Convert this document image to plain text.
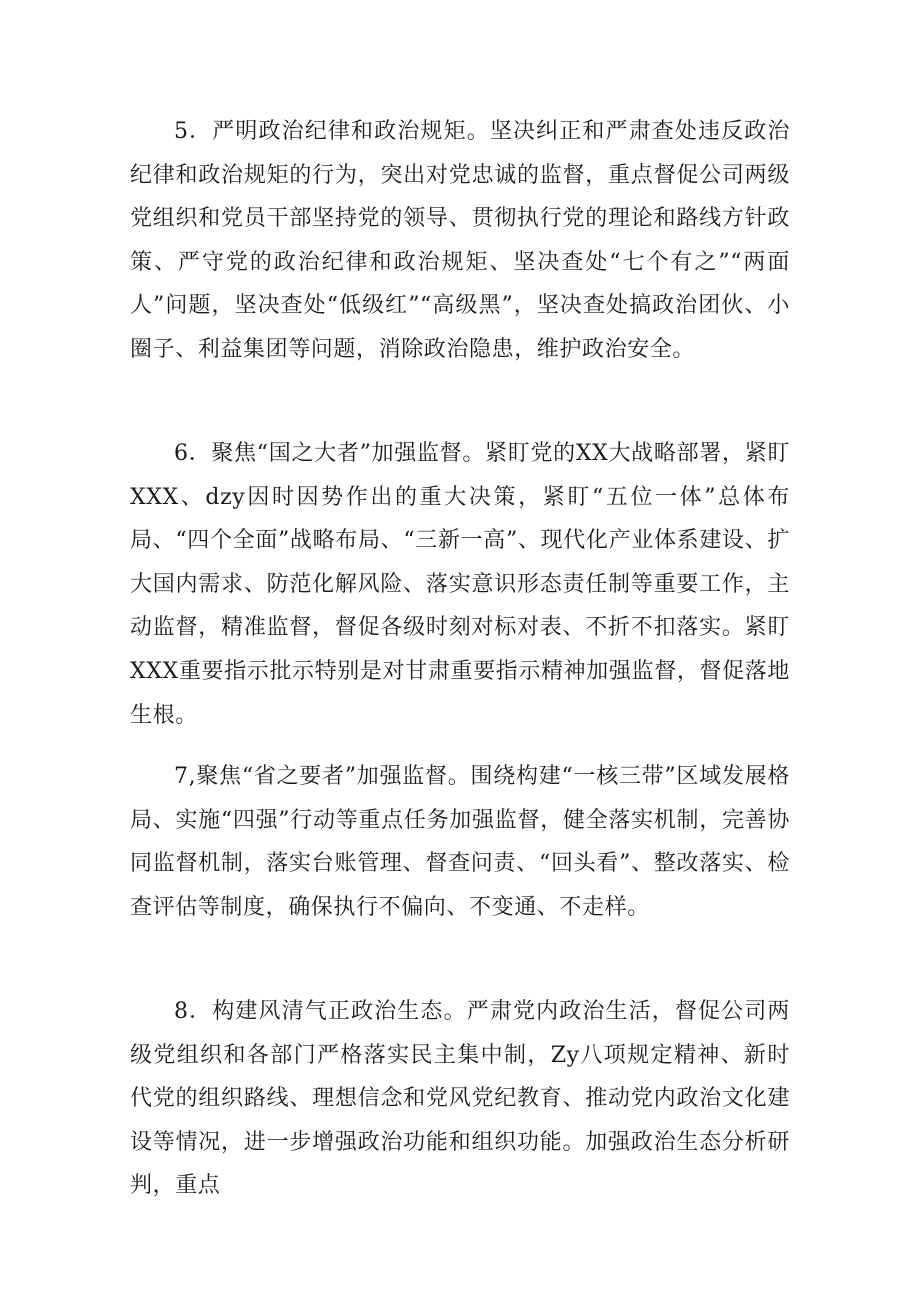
5．严明政治纪律和政治规矩。坚决纠正和严肃查处违反政治纪律和政治规矩的行为，突出对党忠诚的监督，重点督促公司两级党组织和党员干部坚持党的领导、贯彻执行党的理论和路线方针政策、严守党的政治纪律和政治规矩、坚决查处“七个有之”“两面人”问题，坚决查处“低级红”“高级黑”，坚决查处搞政治团伙、小圈子、利益集团等问题，消除政治隐患，维护政治安全。

6．聚焦“国之大者”加强监督。紧盯党的XX大战略部署，紧盯XXX、dzy因时因势作出的重大决策，紧盯“五位一体”总体布局、“四个全面”战略布局、“三新一高”、现代化产业体系建设、扩大国内需求、防范化解风险、落实意识形态责任制等重要工作，主动监督，精准监督，督促各级时刻对标对表、不折不扣落实。紧盯XXX重要指示批示特别是对甘肃重要指示精神加强监督，督促落地生根。

7,聚焦“省之要者”加强监督。围绕构建“一核三带”区域发展格局、实施“四强”行动等重点任务加强监督，健全落实机制，完善协同监督机制，落实台账管理、督查问责、“回头看”、整改落实、检查评估等制度，确保执行不偏向、不变通、不走样。

8．构建风清气正政治生态。严肃党内政治生活，督促公司两级党组织和各部门严格落实民主集中制，Zy八项规定精神、新时代党的组织路线、理想信念和党风党纪教育、推动党内政治文化建设等情况，进一步增强政治功能和组织功能。加强政治生态分析研判，重点
